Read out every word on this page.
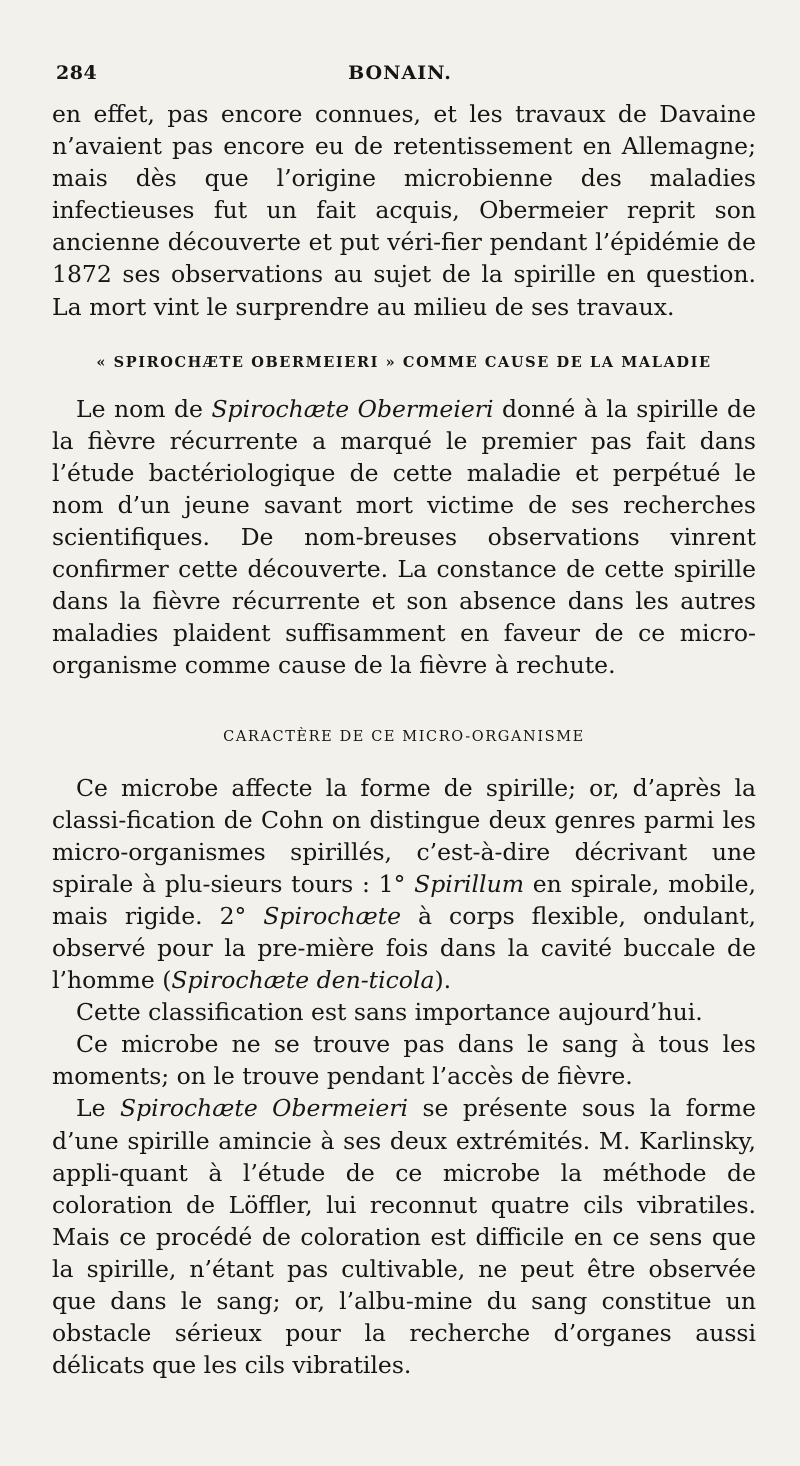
284	BONAIN.

en effet, pas encore connues, et les travaux de Davaine n’avaient pas encore eu de retentissement en Allemagne; mais dès que l’origine microbienne des maladies infectieuses fut un fait acquis, Obermeier reprit son ancienne découverte et put véri-fier pendant l’épidémie de 1872 ses observations au sujet de la spirille en question. La mort vint le surprendre au milieu de ses travaux.

« SPIROCHÆTE OBERMEIERI » COMME CAUSE DE LA MALADIE

Le nom de Spirochæte Obermeieri donné à la spirille de la fièvre récurrente a marqué le premier pas fait dans l’étude bactériologique de cette maladie et perpétué le nom d’un jeune savant mort victime de ses recherches scientifiques. De nom-breuses observations vinrent confirmer cette découverte. La constance de cette spirille dans la fièvre récurrente et son absence dans les autres maladies plaident suffisamment en faveur de ce micro-organisme comme cause de la fièvre à rechute.

CARACTÈRE DE CE MICRO-ORGANISME

Ce microbe affecte la forme de spirille; or, d’après la classi-fication de Cohn on distingue deux genres parmi les micro-organismes spirillés, c’est-à-dire décrivant une spirale à plu-sieurs tours : 1° Spirillum en spirale, mobile, mais rigide. 2° Spirochæte à corps flexible, ondulant, observé pour la pre-mière fois dans la cavité buccale de l’homme (Spirochæte den-ticola).

Cette classification est sans importance aujourd’hui.

Ce microbe ne se trouve pas dans le sang à tous les moments; on le trouve pendant l’accès de fièvre.

Le Spirochæte Obermeieri se présente sous la forme d’une spirille amincie à ses deux extrémités. M. Karlinsky, appli-quant à l’étude de ce microbe la méthode de coloration de Löffler, lui reconnut quatre cils vibratiles. Mais ce procédé de coloration est difficile en ce sens que la spirille, n’étant pas cultivable, ne peut être observée que dans le sang; or, l’albu-mine du sang constitue un obstacle sérieux pour la recherche d’organes aussi délicats que les cils vibratiles.
